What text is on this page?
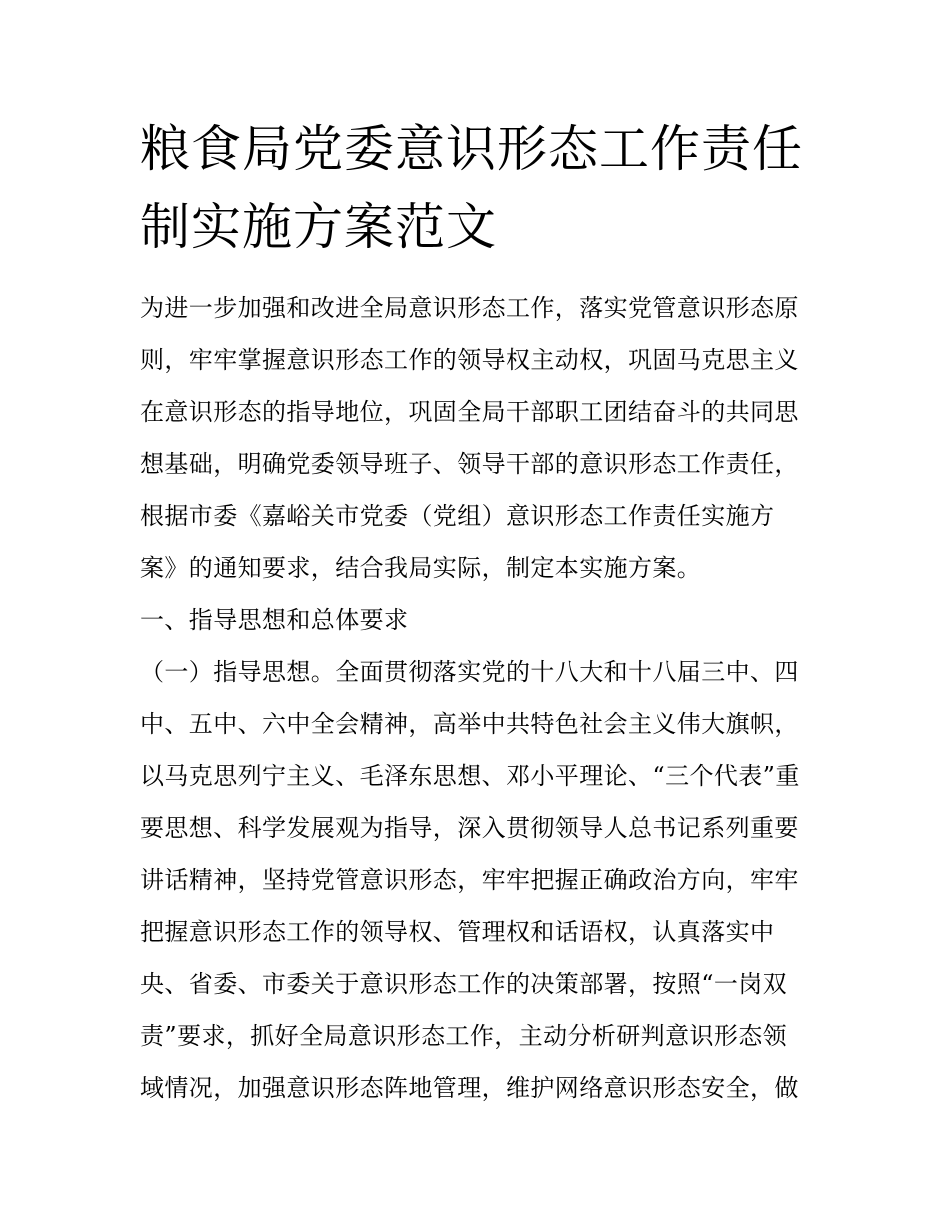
粮食局党委意识形态工作责任
制实施方案范文
为进一步加强和改进全局意识形态工作，落实党管意识形态原
则，牢牢掌握意识形态工作的领导权主动权，巩固马克思主义
在意识形态的指导地位，巩固全局干部职工团结奋斗的共同思
想基础，明确党委领导班子、领导干部的意识形态工作责任，
根据市委《嘉峪关市党委（党组）意识形态工作责任实施方
案》的通知要求，结合我局实际，制定本实施方案。
一、指导思想和总体要求
（一）指导思想。全面贯彻落实党的十八大和十八届三中、四
中、五中、六中全会精神，高举中共特色社会主义伟大旗帜，
以马克思列宁主义、毛泽东思想、邓小平理论、“三个代表”重
要思想、科学发展观为指导，深入贯彻领导人总书记系列重要
讲话精神，坚持党管意识形态，牢牢把握正确政治方向，牢牢
把握意识形态工作的领导权、管理权和话语权，认真落实中
央、省委、市委关于意识形态工作的决策部署，按照“一岗双
责”要求，抓好全局意识形态工作，主动分析研判意识形态领
域情况，加强意识形态阵地管理，维护网络意识形态安全，做
